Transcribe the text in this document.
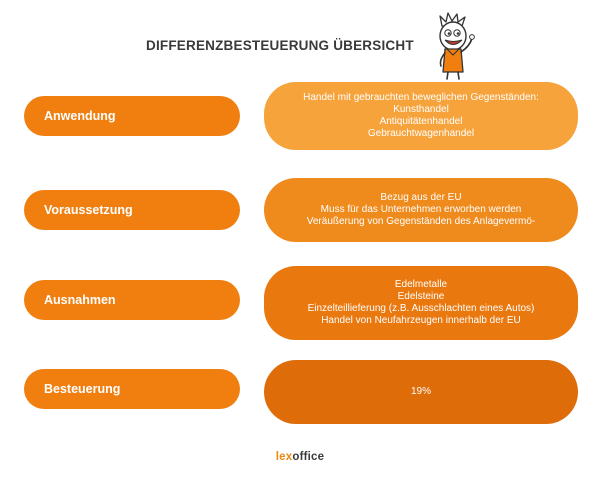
DIFFERENZBESTEUERUNG ÜBERSICHT
Anwendung
Handel mit gebrauchten beweglichen Gegenständen:
Kunsthandel
Antiquitätenhandel
Gebrauchtwagenhandel
Voraussetzung
Bezug aus der EU
Muss für das Unternehmen erworben werden
Veräußerung von Gegenständen des Anlagevermö-
Ausnahmen
Edelmetalle
Edelsteine
Einzelteillieferung (z.B. Ausschlachten eines Autos)
Handel von Neufahrzeugen innerhalb der EU
Besteuerung	19%
lexoffice
